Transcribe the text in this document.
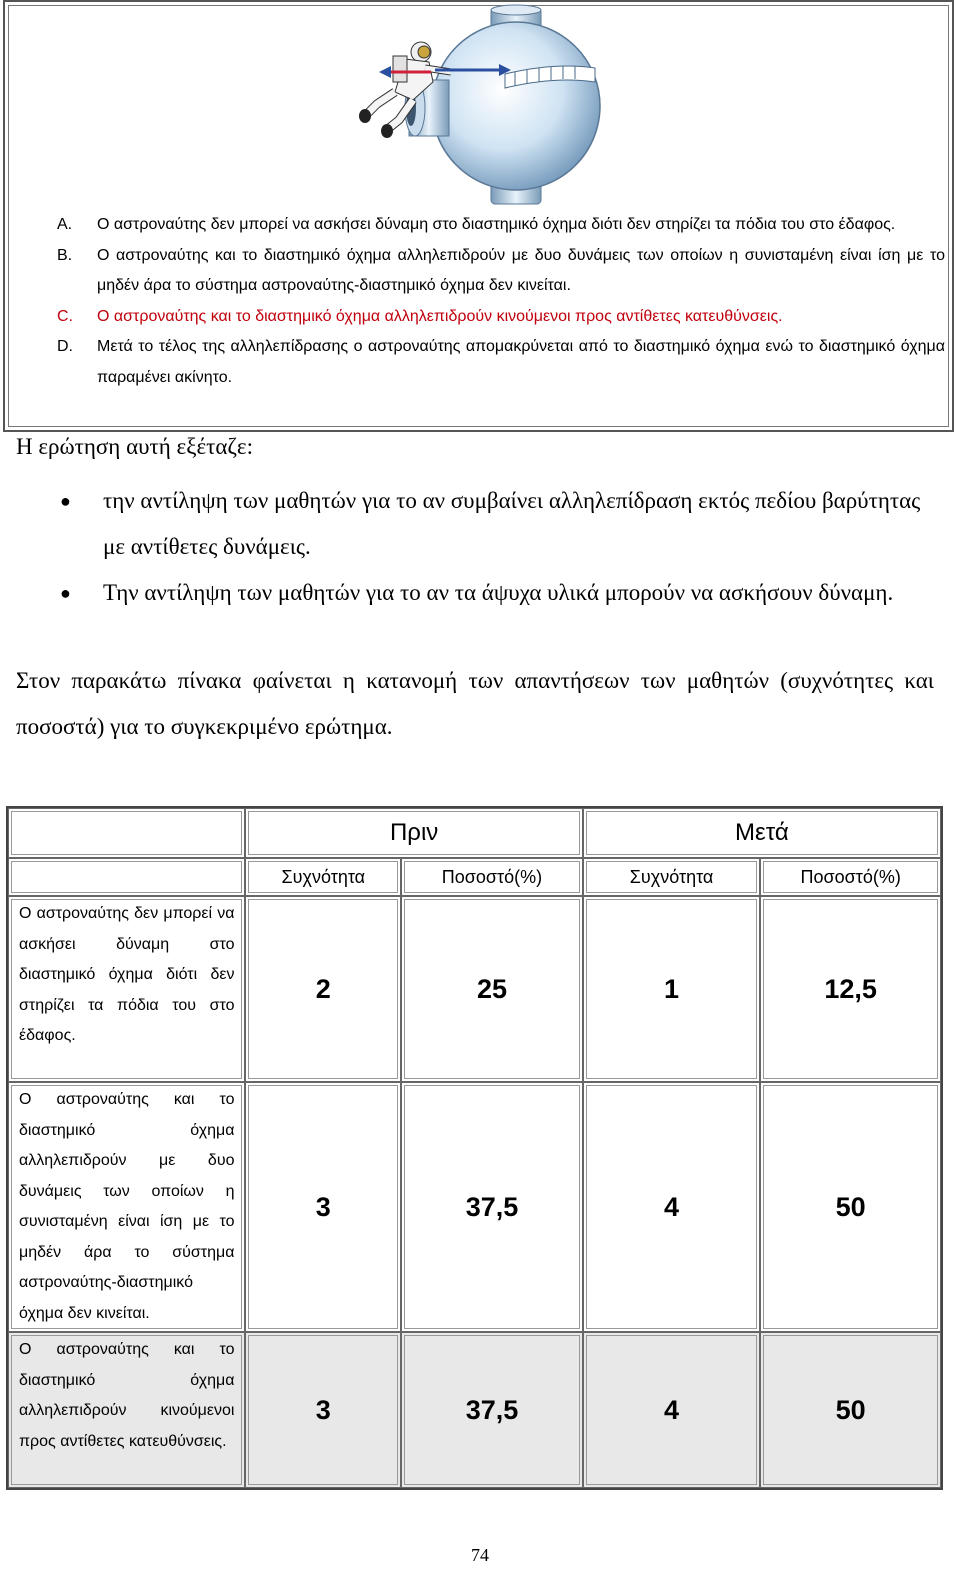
A.	Ο αστροναύτης δεν μπορεί να ασκήσει δύναμη στο διαστημικό όχημα διότι δεν στηρίζει τα πόδια του στο έδαφος.
B.	Ο αστροναύτης και το διαστημικό όχημα αλληλεπιδρούν με δυο δυνάμεις των οποίων η συνισταμένη είναι ίση με το μηδέν άρα το σύστημα αστροναύτης-διαστημικό όχημα δεν κινείται.
C.	Ο αστροναύτης και το διαστημικό όχημα αλληλεπιδρούν κινούμενοι προς αντίθετες κατευθύνσεις.
D.	Μετά το τέλος της αλληλεπίδρασης ο αστροναύτης απομακρύνεται από το διαστημικό όχημα ενώ το διαστημικό όχημα παραμένει ακίνητο.
Η ερώτηση αυτή εξέταζε:
●	την αντίληψη των μαθητών για το αν συμβαίνει αλληλεπίδραση εκτός πεδίου βαρύτητας με αντίθετες δυνάμεις.
●	Την αντίληψη των μαθητών για το αν τα άψυχα υλικά μπορούν να ασκήσουν δύναμη.
Στον παρακάτω πίνακα φαίνεται η κατανομή των απαντήσεων των μαθητών (συχνότητες και ποσοστά) για το συγκεκριμένο ερώτημα.
	Πριν		Μετά	
	Συχνότητα	Ποσοστό(%)	Συχνότητα	Ποσοστό(%)
Ο αστροναύτης δεν μπορεί να ασκήσει δύναμη στο διαστημικό όχημα διότι δεν στηρίζει τα πόδια του στο έδαφος.	2	25	1	12,5
Ο αστροναύτης και το διαστημικό όχημα αλληλεπιδρούν με δυο δυνάμεις των οποίων η συνισταμένη είναι ίση με το μηδέν άρα το σύστημα αστροναύτης-διαστημικό όχημα δεν κινείται.	3	37,5	4	50
Ο αστροναύτης και το διαστημικό όχημα αλληλεπιδρούν κινούμενοι προς αντίθετες κατευθύνσεις.	3	37,5	4	50
74
